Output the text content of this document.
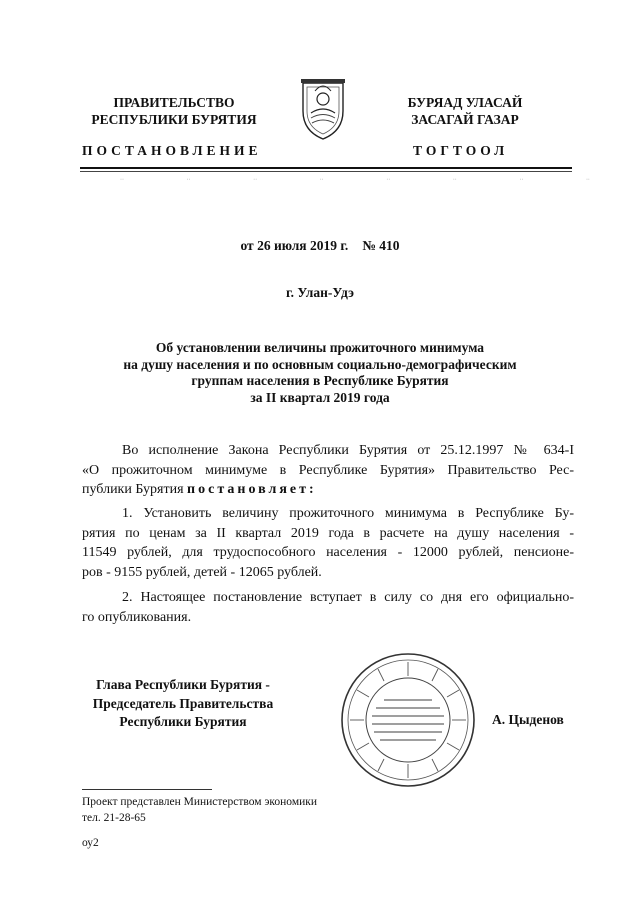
ПРАВИТЕЛЬСТВО
РЕСПУБЛИКИ БУРЯТИЯ
ПОСТАНОВЛЕНИЕ
БУРЯАД УЛАСАЙ
ЗАСАГАЙ ГАЗАР
ТОГТООЛ
··	··	··	··	··	··	··	··
от 26 июля 2019 г. № 410
г. Улан-Удэ
Об установлении величины прожиточного минимума
на душу населения и по основным социально-демографическим
группам населения в Республике Бурятия
за II квартал 2019 года
Во исполнение Закона Республики Бурятия от 25.12.1997 № 634-I
«О прожиточном минимуме в Республике Бурятия» Правительство Рес-
публики Бурятия постановляет:
1. Установить величину прожиточного минимума в Республике Бу-
рятия по ценам за II квартал 2019 года в расчете на душу населения -
11549 рублей, для трудоспособного населения - 12000 рублей, пенсионе-
ров - 9155 рублей, детей - 12065 рублей.
2. Настоящее постановление вступает в силу со дня его официально-
го опубликования.
Глава Республики Бурятия -
Председатель Правительства
Республики Бурятия	А. Цыденов
Проект представлен Министерством экономики
тел. 21-28-65
оу2
